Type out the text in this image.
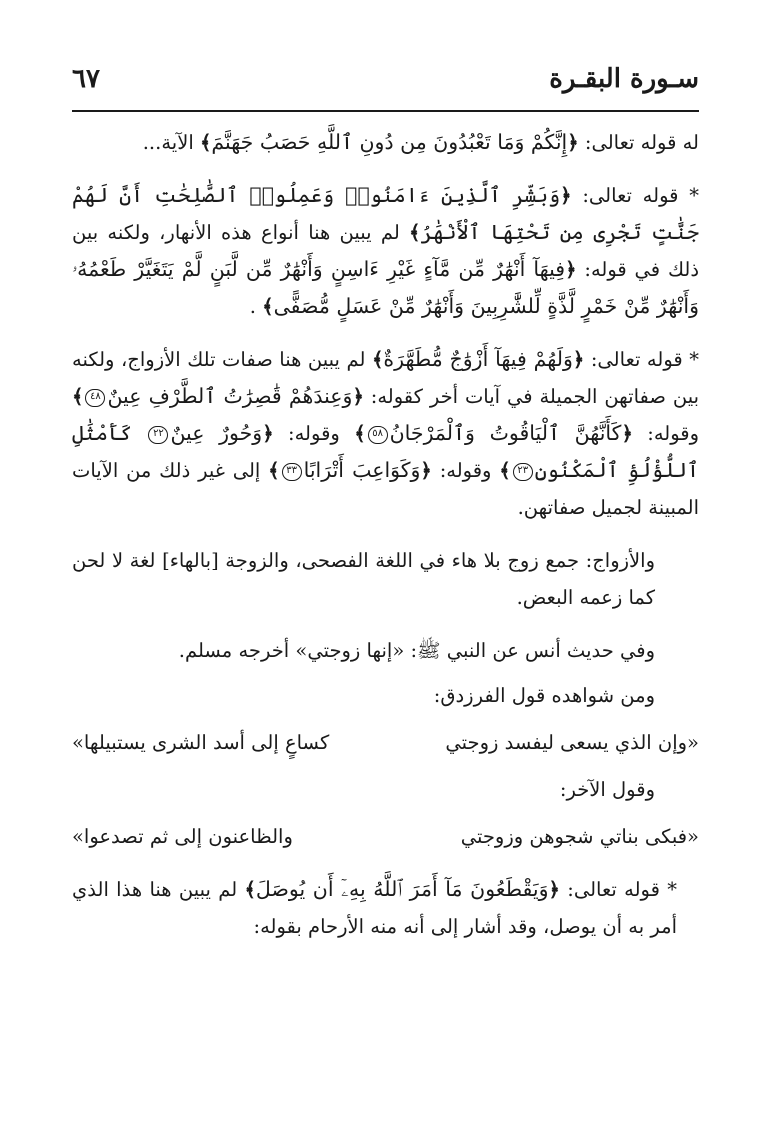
سـورة البقـرة
٦٧

له قوله تعالى: ﴿إِنَّكُمْ وَمَا تَعْبُدُونَ مِن دُونِ ٱللَّهِ حَصَبُ جَهَنَّمَ﴾ الآية...

* قوله تعالى: ﴿وَبَشِّرِ ٱلَّذِينَ ءَامَنُوا۟ وَعَمِلُوا۟ ٱلصَّٰلِحَٰتِ أَنَّ لَهُمْ جَنَّٰتٍ تَجْرِى مِن تَحْتِهَا ٱلْأَنْهَٰرُ﴾ لم يبين هنا أنواع هذه الأنهار، ولكنه بين ذلك في قوله: ﴿فِيهَآ أَنْهَٰرٌ مِّن مَّآءٍ غَيْرِ ءَاسِنٍ وَأَنْهَٰرٌ مِّن لَّبَنٍ لَّمْ يَتَغَيَّرْ طَعْمُهُۥ وَأَنْهَٰرٌ مِّنْ خَمْرٍ لَّذَّةٍ لِّلشَّٰرِبِينَ وَأَنْهَٰرٌ مِّنْ عَسَلٍ مُّصَفًّى﴾ .

* قوله تعالى: ﴿وَلَهُمْ فِيهَآ أَزْوَٰجٌ مُّطَهَّرَةٌ﴾ لم يبين هنا صفات تلك الأزواج، ولكنه بين صفاتهن الجميلة في آيات أخر كقوله: ﴿وَعِندَهُمْ قَٰصِرَٰتُ ٱلطَّرْفِ عِينٌ٤٨﴾ وقوله: ﴿كَأَنَّهُنَّ ٱلْيَاقُوتُ وَٱلْمَرْجَانُ٥٨﴾ وقوله: ﴿وَحُورٌ عِينٌ٢٢ كَأَمْثَٰلِ ٱللُّؤْلُؤِ ٱلْمَكْنُونِ٢٣﴾ وقوله: ﴿وَكَوَاعِبَ أَتْرَابًا٣٣﴾ إلى غير ذلك من الآيات المبينة لجميل صفاتهن.

والأزواج: جمع زوج بلا هاء في اللغة الفصحى، والزوجة [بالهاء] لغة لا لحن كما زعمه البعض.

وفي حديث أنس عن النبي ﷺ: «إنها زوجتي» أخرجه مسلم.

ومن شواهده قول الفرزدق:

«وإن الذي يسعى ليفسد زوجتي
كساعٍ إلى أسد الشرى يستبيلها»

وقول الآخر:

«فبكى بناتي شجوهن وزوجتي
والظاعنون إلى ثم تصدعوا»

* قوله تعالى: ﴿وَيَقْطَعُونَ مَآ أَمَرَ ٱللَّهُ بِهِۦٓ أَن يُوصَلَ﴾ لم يبين هنا هذا الذي أمر به أن يوصل، وقد أشار إلى أنه منه الأرحام بقوله:
